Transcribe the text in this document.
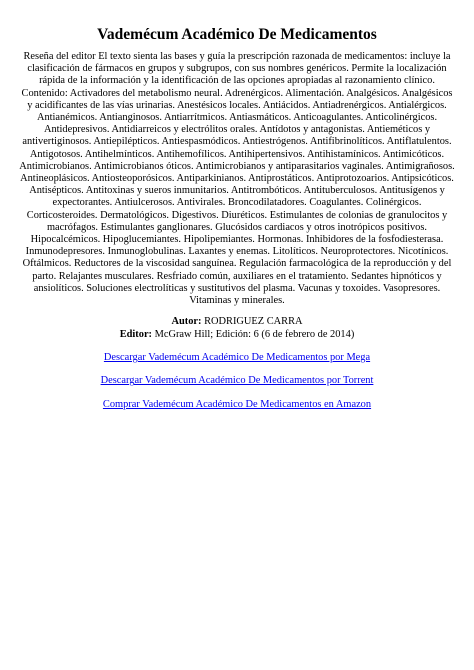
Vademécum Académico De Medicamentos

Reseña del editor El texto sienta las bases y guía la prescripción razonada de medicamentos: incluye la clasificación de fármacos en grupos y subgrupos, con sus nombres genéricos. Permite la localización rápida de la información y la identificación de las opciones apropiadas al razonamiento clínico. Contenido: Activadores del metabolismo neural. Adrenérgicos. Alimentación. Analgésicos. Analgésicos y acidificantes de las vías urinarias. Anestésicos locales. Antiácidos. Antiadrenérgicos. Antialérgicos. Antianémicos. Antianginosos. Antiarrítmicos. Antiasmáticos. Anticoagulantes. Anticolinérgicos. Antidepresivos. Antidiarreicos y electrólitos orales. Antídotos y antagonistas. Antieméticos y antivertiginosos. Antiepilépticos. Antiespasmódicos. Antiestrógenos. Antifibrinolíticos. Antiflatulentos. Antigotosos. Antihelmínticos. Antihemofílicos. Antihipertensivos. Antihistamínicos. Antimicóticos. Antimicrobianos. Antimicrobianos óticos. Antimicrobianos y antiparasitarios vaginales. Antimigrañosos. Antineoplásicos. Antiosteoporósicos. Antiparkinianos. Antiprostáticos. Antiprotozoarios. Antipsicóticos. Antisépticos. Antitoxinas y sueros inmunitarios. Antitrombóticos. Antituberculosos. Antitusígenos y expectorantes. Antiulcerosos. Antivirales. Broncodilatadores. Coagulantes. Colinérgicos. Corticosteroides. Dermatológicos. Digestivos. Diuréticos. Estimulantes de colonias de granulocitos y macrófagos. Estimulantes ganglionares. Glucósidos cardiacos y otros inotrópicos positivos. Hipocalcémicos. Hipoglucemiantes. Hipolipemiantes. Hormonas. Inhibidores de la fosfodiesterasa. Inmunodepresores. Inmunoglobulinas. Laxantes y enemas. Litolíticos. Neuroprotectores. Nicotínicos. Oftálmicos. Reductores de la viscosidad sanguínea. Regulación farmacológica de la reproducción y del parto. Relajantes musculares. Resfriado común, auxiliares en el tratamiento. Sedantes hipnóticos y ansiolíticos. Soluciones electrolíticas y sustitutivos del plasma. Vacunas y toxoides. Vasopresores. Vitaminas y minerales.

Autor: RODRIGUEZ CARRA
Editor: McGraw Hill; Edición: 6 (6 de febrero de 2014)
Descargar Vademécum Académico De Medicamentos por Mega
Descargar Vademécum Académico De Medicamentos por Torrent
Comprar Vademécum Académico De Medicamentos en Amazon
